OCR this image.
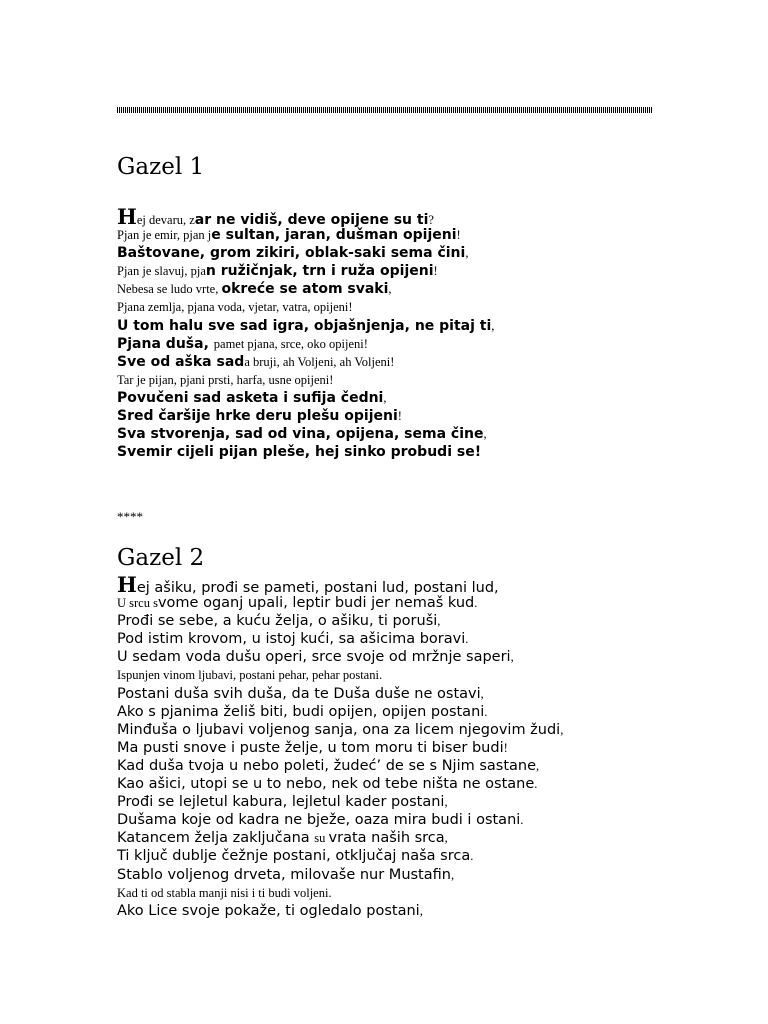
Gazel 1
Hej devaru, zar ne vidiš, deve opijene su ti?
Pjan je emir, pjan je sultan, jaran, dušman opijeni!
Baštovane, grom zikiri, oblak-saki sema čini,
Pjan je slavuj, pjan ružičnjak, trn i ruža opijeni!
Nebesa se ludo vrte, okreće se atom svaki,
Pjana zemlja, pjana voda, vjetar, vatra, opijeni!
U tom halu sve sad igra, objašnjenja, ne pitaj ti,
Pjana duša, pamet pjana, srce, oko opijeni!
Sve od aška sada bruji, ah Voljeni, ah Voljeni!
Tar je pijan, pjani prsti, harfa, usne opijeni!
Povučeni sad asketa i sufija čedni,
Sred čaršije hrke deru plešu opijeni!
Sva stvorenja, sad od vina, opijena, sema čine,
Svemir cijeli pijan pleše, hej sinko probudi se!
****
Gazel 2
Hej ašiku, prođi se pameti, postani lud, postani lud,
U srcu svome oganj upali, leptir budi jer nemaš kud.
Prođi se sebe, a kuću želja, o ašiku, ti poruši,
Pod istim krovom, u istoj kući, sa ašicima boravi.
U sedam voda dušu operi, srce svoje od mržnje saperi,
Ispunjen vinom ljubavi, postani pehar, pehar postani.
Postani duša svih duša, da te Duša duše ne ostavi,
Ako s pjanima želiš biti, budi opijen, opijen postani.
Minđuša o ljubavi voljenog sanja, ona za licem njegovim žudi,
Ma pusti snove i puste želje, u tom moru ti biser budi!
Kad duša tvoja u nebo poleti, žudeć’ de se s Njim sastane,
Kao ašici, utopi se u to nebo, nek od tebe ništa ne ostane.
Prođi se lejletul kabura, lejletul kader postani,
Dušama koje od kadra ne bježe, oaza mira budi i ostani.
Katancem želja zaključana su vrata naših srca,
Ti ključ dublje čežnje postani, otključaj naša srca.
Stablo voljenog drveta, milovaše nur Mustafin,
Kad ti od stabla manji nisi i ti budi voljeni.
Ako Lice svoje pokaže, ti ogledalo postani,
